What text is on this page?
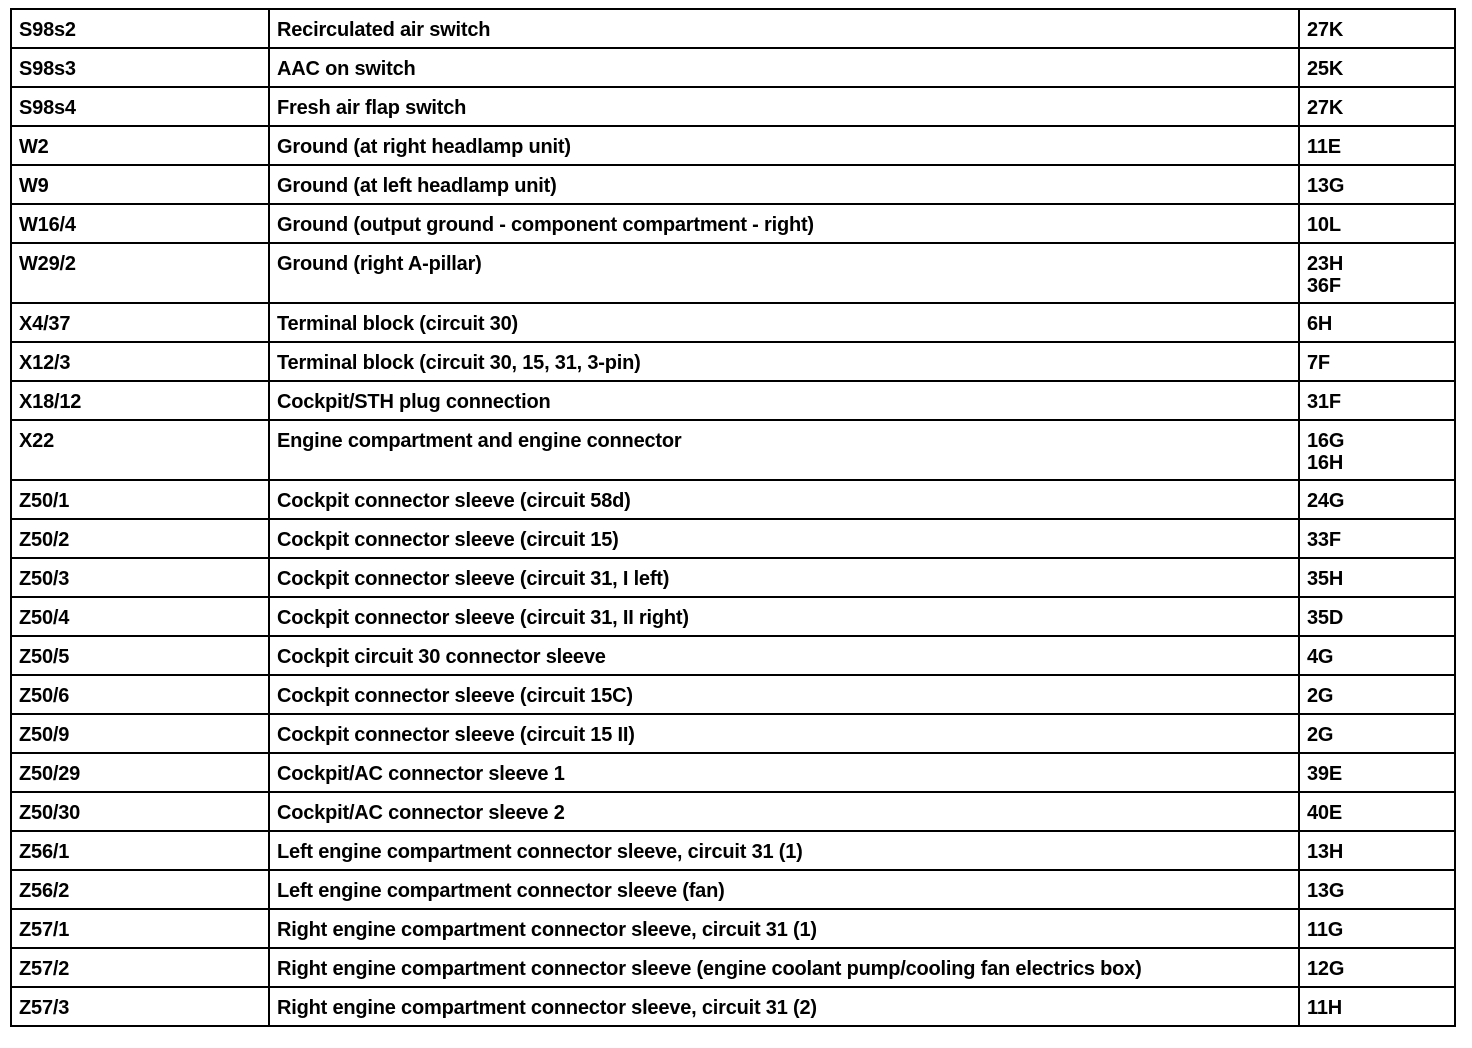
S98s2	Recirculated air switch	27K

S98s3	AAC on switch	25K

S98s4	Fresh air flap switch	27K

W2	Ground (at right headlamp unit)	11E

W9	Ground (at left headlamp unit)	13G

W16/4	Ground (output ground - component compartment - right)	10L

W29/2	Ground (right A-pillar)	23H
36F

X4/37	Terminal block (circuit 30)	6H

X12/3	Terminal block (circuit 30, 15, 31, 3-pin)	7F

X18/12	Cockpit/STH plug connection	31F

X22	Engine compartment and engine connector	16G
16H

Z50/1	Cockpit connector sleeve (circuit 58d)	24G

Z50/2	Cockpit connector sleeve (circuit 15)	33F

Z50/3	Cockpit connector sleeve (circuit 31, I left)	35H

Z50/4	Cockpit connector sleeve (circuit 31, II right)	35D

Z50/5	Cockpit circuit 30 connector sleeve	4G

Z50/6	Cockpit connector sleeve (circuit 15C)	2G

Z50/9	Cockpit connector sleeve (circuit 15 II)	2G

Z50/29	Cockpit/AC connector sleeve 1	39E

Z50/30	Cockpit/AC connector sleeve 2	40E

Z56/1	Left engine compartment connector sleeve, circuit 31 (1)	13H

Z56/2	Left engine compartment connector sleeve (fan)	13G

Z57/1	Right engine compartment connector sleeve, circuit 31 (1)	11G

Z57/2	Right engine compartment connector sleeve (engine coolant pump/cooling fan electrics box)	12G

Z57/3	Right engine compartment connector sleeve, circuit 31 (2)	11H
